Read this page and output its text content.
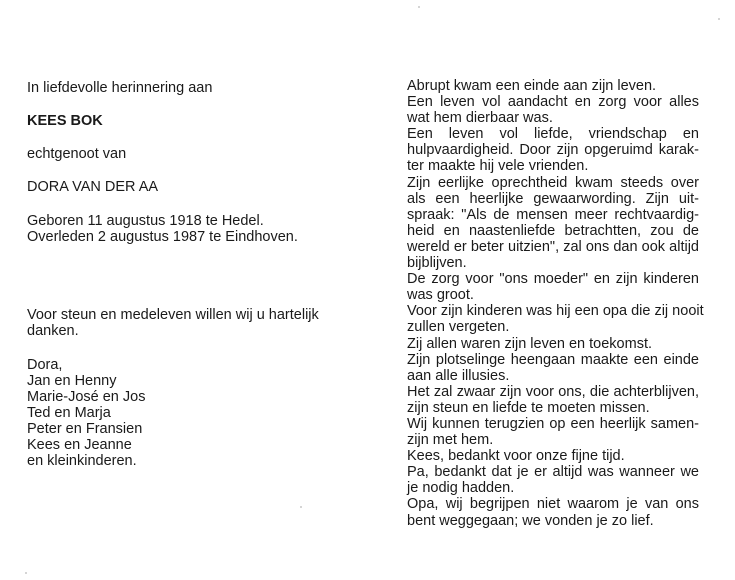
In liefdevolle herinnering aan
KEES BOK
echtgenoot van
DORA VAN DER AA
Geboren 11 augustus 1918 te Hedel.
Overleden 2 augustus 1987 te Eindhoven.
Voor steun en medeleven willen wij u hartelijk
danken.
Dora,
Jan en Henny
Marie-José en Jos
Ted en Marja
Peter en Fransien
Kees en Jeanne
en kleinkinderen.
Abrupt kwam een einde aan zijn leven.
Een leven vol aandacht en zorg voor alles
wat hem dierbaar was.
Een leven vol liefde, vriendschap en
hulpvaardigheid. Door zijn opgeruimd karak-
ter maakte hij vele vrienden.
Zijn eerlijke oprechtheid kwam steeds over
als een heerlijke gewaarwording. Zijn uit-
spraak: "Als de mensen meer rechtvaardig-
heid en naastenliefde betrachtten, zou de
wereld er beter uitzien", zal ons dan ook altijd
bijblijven.
De zorg voor "ons moeder" en zijn kinderen
was groot.
Voor zijn kinderen was hij een opa die zij nooit
zullen vergeten.
Zij allen waren zijn leven en toekomst.
Zijn plotselinge heengaan maakte een einde
aan alle illusies.
Het zal zwaar zijn voor ons, die achterblijven,
zijn steun en liefde te moeten missen.
Wij kunnen terugzien op een heerlijk samen-
zijn met hem.
Kees, bedankt voor onze fijne tijd.
Pa, bedankt dat je er altijd was wanneer we
je nodig hadden.
Opa, wij begrijpen niet waarom je van ons
bent weggegaan; we vonden je zo lief.
